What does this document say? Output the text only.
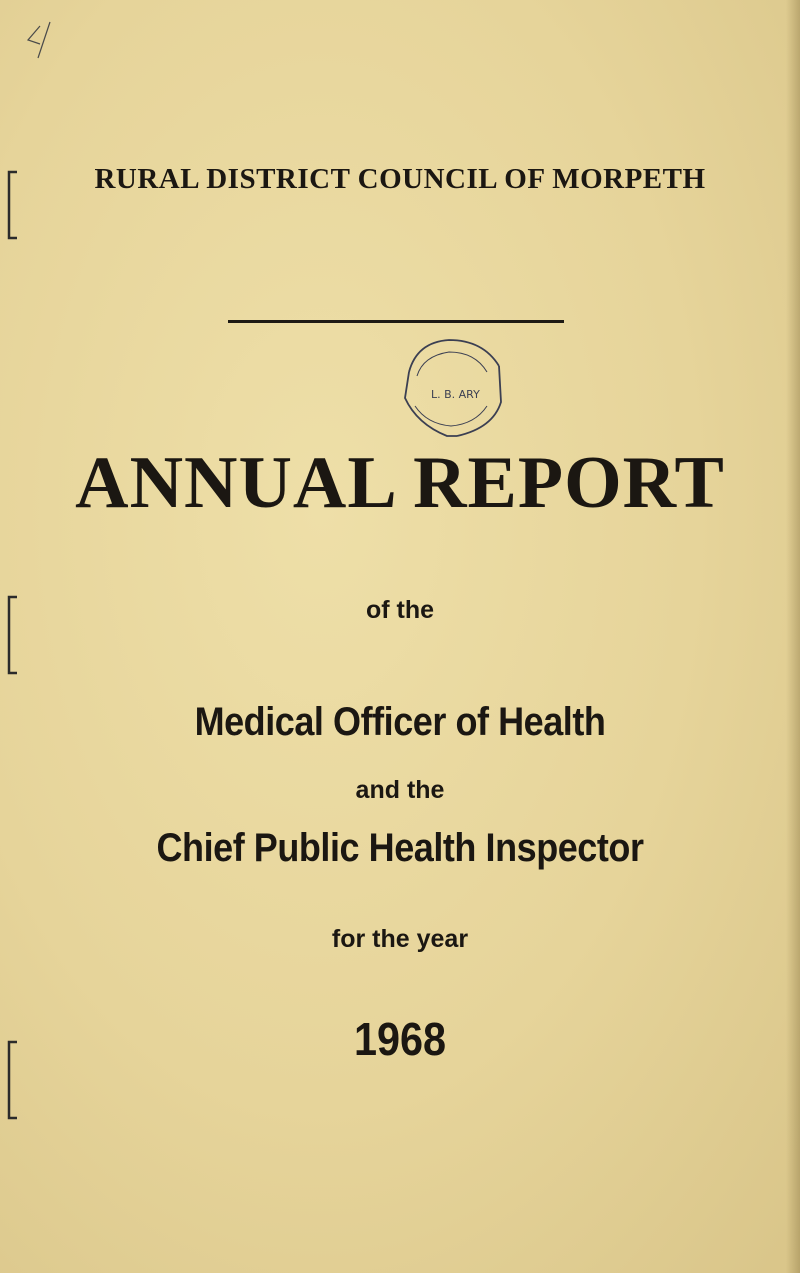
RURAL DISTRICT COUNCIL OF MORPETH
L. B. ARY
ANNUAL REPORT
of the
Medical Officer of Health
and the
Chief Public Health Inspector
for the year
1968
